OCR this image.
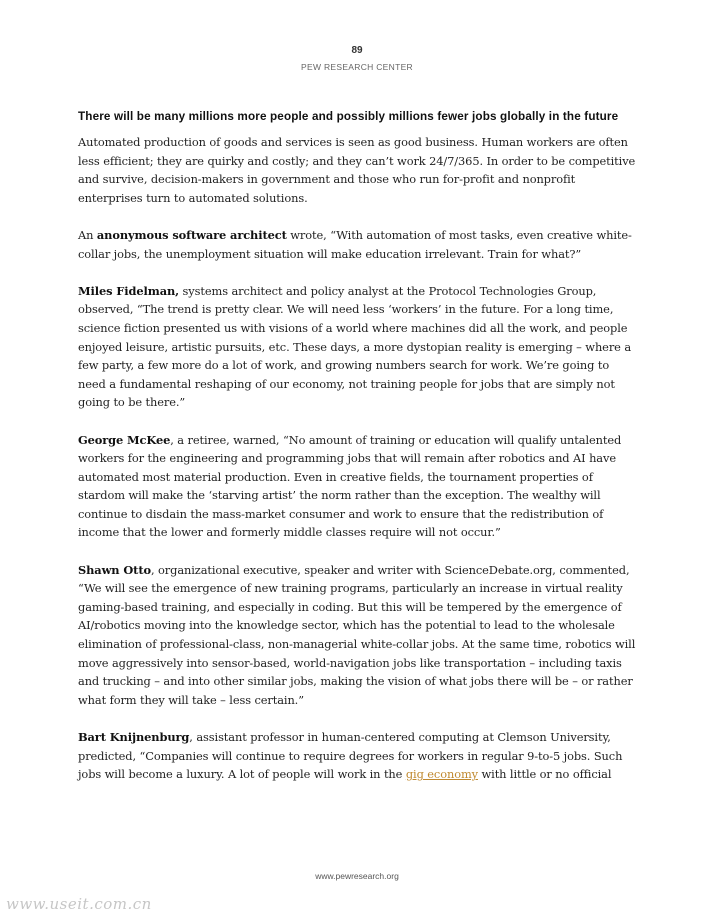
89
PEW RESEARCH CENTER
There will be many millions more people and possibly millions fewer jobs globally in the future

Automated production of goods and services is seen as good business. Human workers are often less efficient; they are quirky and costly; and they can’t work 24/7/365. In order to be competitive and survive, decision-makers in government and those who run for-profit and nonprofit enterprises turn to automated solutions.

An anonymous software architect wrote, “With automation of most tasks, even creative white-collar jobs, the unemployment situation will make education irrelevant. Train for what?”

Miles Fidelman, systems architect and policy analyst at the Protocol Technologies Group, observed, “The trend is pretty clear. We will need less ‘workers’ in the future. For a long time, science fiction presented us with visions of a world where machines did all the work, and people enjoyed leisure, artistic pursuits, etc. These days, a more dystopian reality is emerging – where a few party, a few more do a lot of work, and growing numbers search for work. We’re going to need a fundamental reshaping of our economy, not training people for jobs that are simply not going to be there.”

George McKee, a retiree, warned, “No amount of training or education will qualify untalented workers for the engineering and programming jobs that will remain after robotics and AI have automated most material production. Even in creative fields, the tournament properties of stardom will make the ‘starving artist’ the norm rather than the exception. The wealthy will continue to disdain the mass-market consumer and work to ensure that the redistribution of income that the lower and formerly middle classes require will not occur.”

Shawn Otto, organizational executive, speaker and writer with ScienceDebate.org, commented, “We will see the emergence of new training programs, particularly an increase in virtual reality gaming-based training, and especially in coding. But this will be tempered by the emergence of AI/robotics moving into the knowledge sector, which has the potential to lead to the wholesale elimination of professional-class, non-managerial white-collar jobs. At the same time, robotics will move aggressively into sensor-based, world-navigation jobs like transportation – including taxis and trucking – and into other similar jobs, making the vision of what jobs there will be – or rather what form they will take – less certain.”

Bart Knijnenburg, assistant professor in human-centered computing at Clemson University, predicted, “Companies will continue to require degrees for workers in regular 9-to-5 jobs. Such jobs will become a luxury. A lot of people will work in the gig economy with little or no official

www.pewresearch.org
www.useit.com.cn
